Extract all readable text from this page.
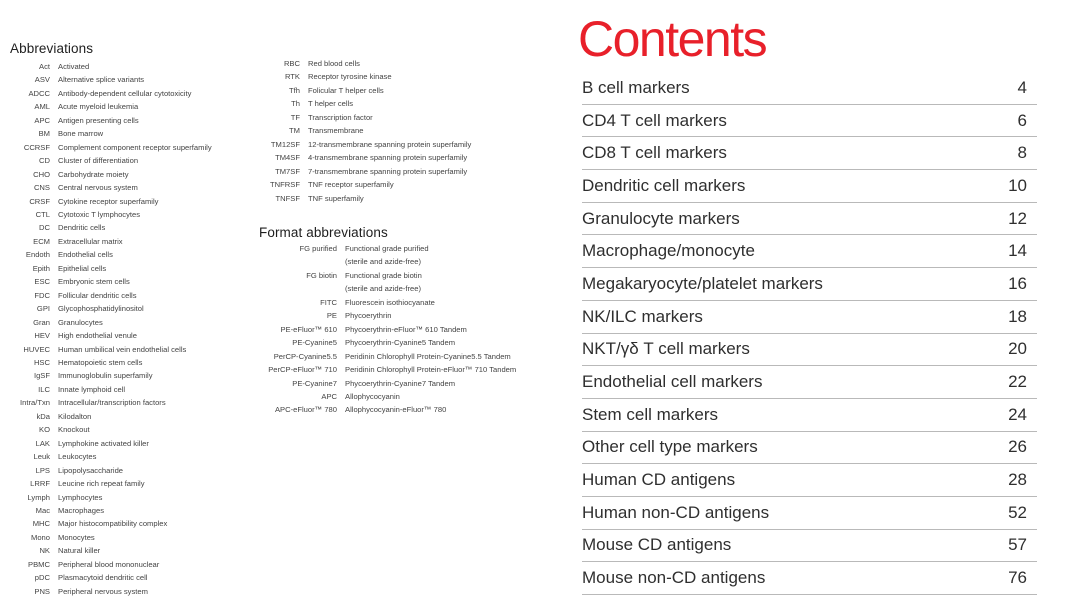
Abbreviations
Act	Activated
ASV	Alternative splice variants
ADCC	Antibody-dependent cellular cytotoxicity
AML	Acute myeloid leukemia
APC	Antigen presenting cells
BM	Bone marrow
CCRSF	Complement component receptor superfamily
CD	Cluster of differentiation
CHO	Carbohydrate moiety
CNS	Central nervous system
CRSF	Cytokine receptor superfamily
CTL	Cytotoxic T lymphocytes
DC	Dendritic cells
ECM	Extracellular matrix
Endoth	Endothelial cells
Epith	Epithelial cells
ESC	Embryonic stem cells
FDC	Follicular dendritic cells
GPI	Glycophosphatidylinositol
Gran	Granulocytes
HEV	High endothelial venule
HUVEC	Human umbilical vein endothelial cells
HSC	Hematopoietic stem cells
IgSF	Immunoglobulin superfamily
ILC	Innate lymphoid cell
Intra/Txn	Intracellular/transcription factors
kDa	Kilodalton
KO	Knockout
LAK	Lymphokine activated killer
Leuk	Leukocytes
LPS	Lipopolysaccharide
LRRF	Leucine rich repeat family
Lymph	Lymphocytes
Mac	Macrophages
MHC	Major histocompatibility complex
Mono	Monocytes
NK	Natural killer
PBMC	Peripheral blood mononuclear
pDC	Plasmacytoid dendritic cell
PNS	Peripheral nervous system
RBC	Red blood cells
RTK	Receptor tyrosine kinase
Tfh	Folicular T helper cells
Th	T helper cells
TF	Transcription factor
TM	Transmembrane
TM12SF	12-transmembrane spanning protein superfamily
TM4SF	4-transmembrane spanning protein superfamily
TM7SF	7-transmembrane spanning protein superfamily
TNFRSF	TNF receptor superfamily
TNFSF	TNF superfamily
Format abbreviations
FG purified	Functional grade purified
(sterile and azide-free)
FG biotin	Functional grade biotin
(sterile and azide-free)
FITC	Fluorescein isothiocyanate
PE	Phycoerythrin
PE-eFluor™ 610	Phycoerythrin-eFluor™ 610 Tandem
PE-Cyanine5	Phycoerythrin-Cyanine5 Tandem
PerCP-Cyanine5.5	Peridinin Chlorophyll Protein-Cyanine5.5 Tandem
PerCP-eFluor™ 710	Peridinin Chlorophyll Protein-eFluor™ 710 Tandem
PE-Cyanine7	Phycoerythrin-Cyanine7 Tandem
APC	Allophycocyanin
APC-eFluor™ 780	Allophycocyanin-eFluor™ 780
Contents
B cell markers	4
CD4 T cell markers	6
CD8 T cell markers	8
Dendritic cell markers	10
Granulocyte markers	12
Macrophage/monocyte	14
Megakaryocyte/platelet markers	16
NK/ILC markers	18
NKT/γδ T cell markers	20
Endothelial cell markers	22
Stem cell markers	24
Other cell type markers	26
Human CD antigens	28
Human non-CD antigens	52
Mouse CD antigens	57
Mouse non-CD antigens	76
